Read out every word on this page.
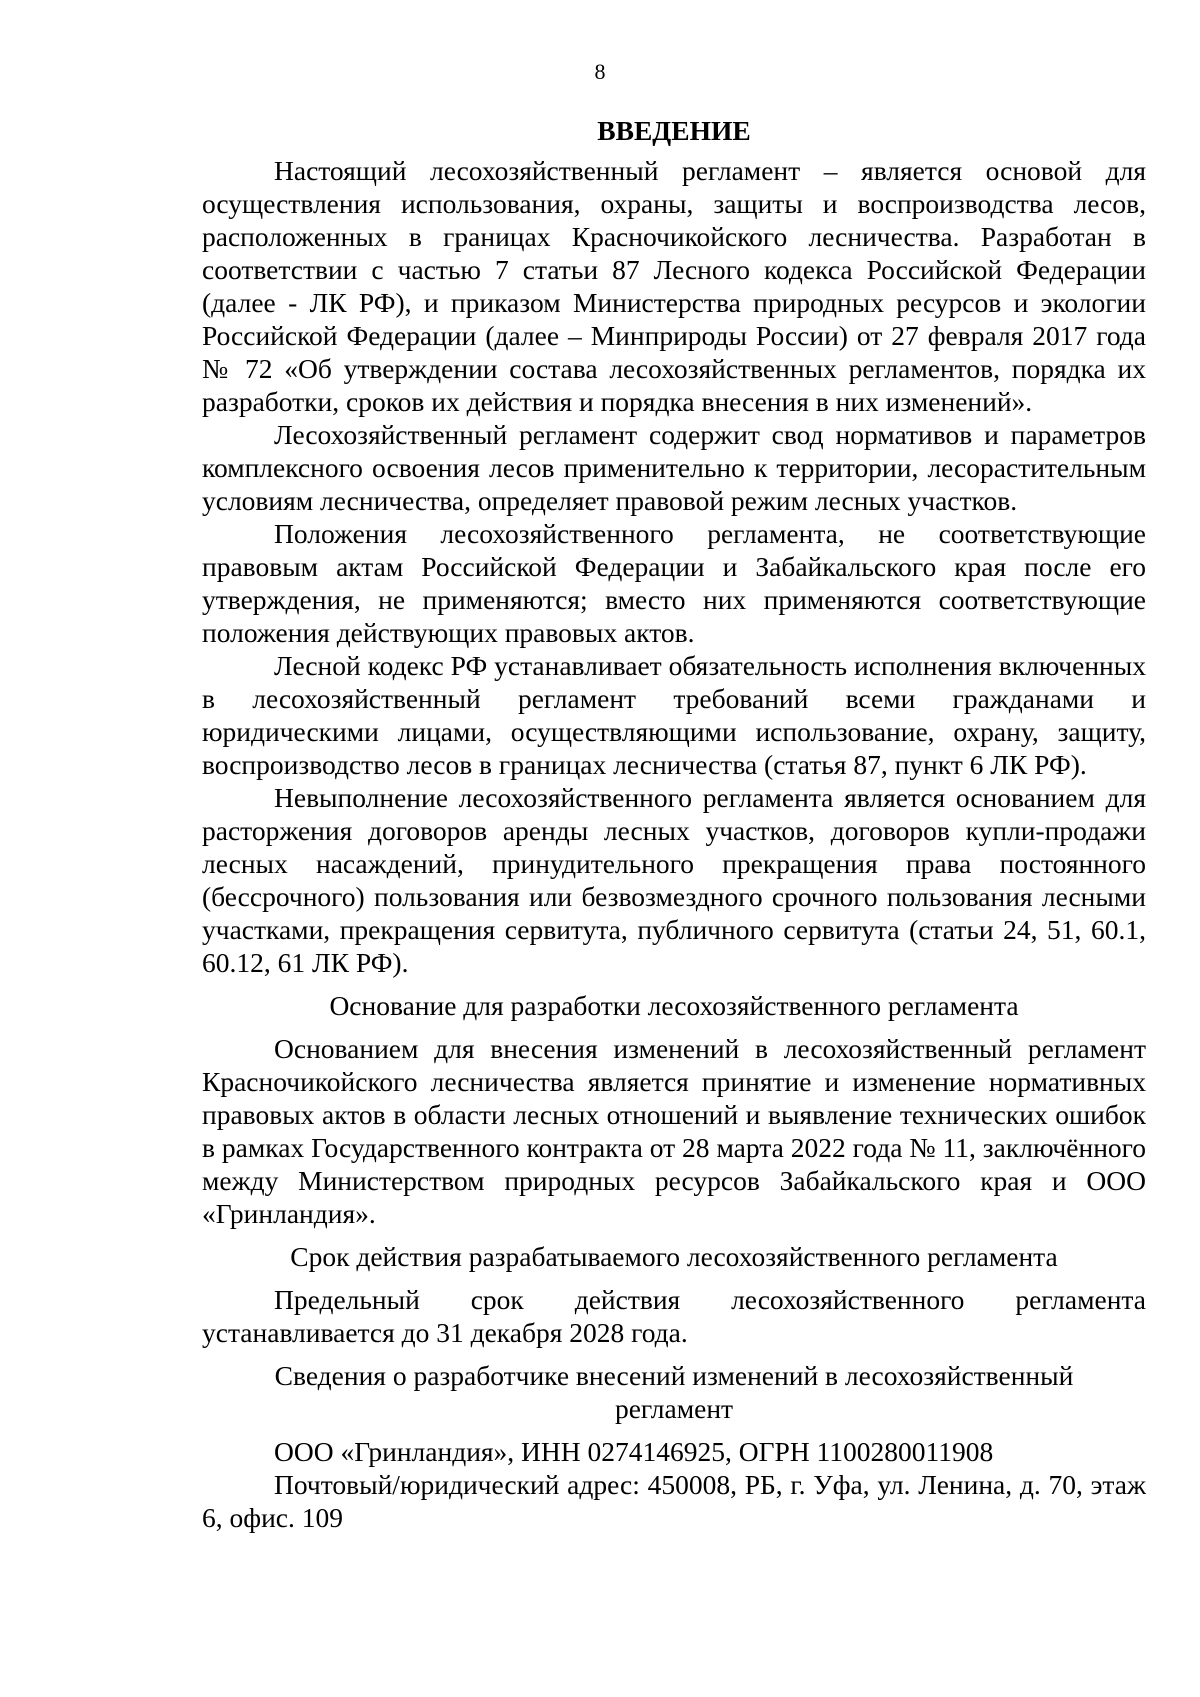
8
ВВЕДЕНИЕ

Настоящий лесохозяйственный регламент – является основой для осуществления использования, охраны, защиты и воспроизводства лесов, расположенных в границах Красночикойского лесничества. Разработан в соответствии с частью 7 статьи 87 Лесного кодекса Российской Федерации (далее - ЛК РФ), и приказом Министерства природных ресурсов и экологии Российской Федерации (далее – Минприроды России) от 27 февраля 2017 года № 72 «Об утверждении состава лесохозяйственных регламентов, порядка их разработки, сроков их действия и порядка внесения в них изменений».

Лесохозяйственный регламент содержит свод нормативов и параметров комплексного освоения лесов применительно к территории, лесорастительным условиям лесничества, определяет правовой режим лесных участков.

Положения лесохозяйственного регламента, не соответствующие правовым актам Российской Федерации и Забайкальского края после его утверждения, не применяются; вместо них применяются соответствующие положения действующих правовых актов.

Лесной кодекс РФ устанавливает обязательность исполнения включенных в лесохозяйственный регламент требований всеми гражданами и юридическими лицами, осуществляющими использование, охрану, защиту, воспроизводство лесов в границах лесничества (статья 87, пункт 6 ЛК РФ).

Невыполнение лесохозяйственного регламента является основанием для расторжения договоров аренды лесных участков, договоров купли-продажи лесных насаждений, принудительного прекращения права постоянного (бессрочного) пользования или безвозмездного срочного пользования лесными участками, прекращения сервитута, публичного сервитута (статьи 24, 51, 60.1, 60.12, 61 ЛК РФ).

Основание для разработки лесохозяйственного регламента

Основанием для внесения изменений в лесохозяйственный регламент Красночикойского лесничества является принятие и изменение нормативных правовых актов в области лесных отношений и выявление технических ошибок в рамках Государственного контракта от 28 марта 2022 года № 11, заключённого между Министерством природных ресурсов Забайкальского края и ООО «Гринландия».

Срок действия разрабатываемого лесохозяйственного регламента

Предельный срок действия лесохозяйственного регламента устанавливается до 31 декабря 2028 года.

Сведения о разработчике внесений изменений в лесохозяйственный регламент

ООО «Гринландия», ИНН 0274146925, ОГРН 1100280011908

Почтовый/юридический адрес: 450008, РБ, г. Уфа, ул. Ленина, д. 70, этаж 6, офис. 109
